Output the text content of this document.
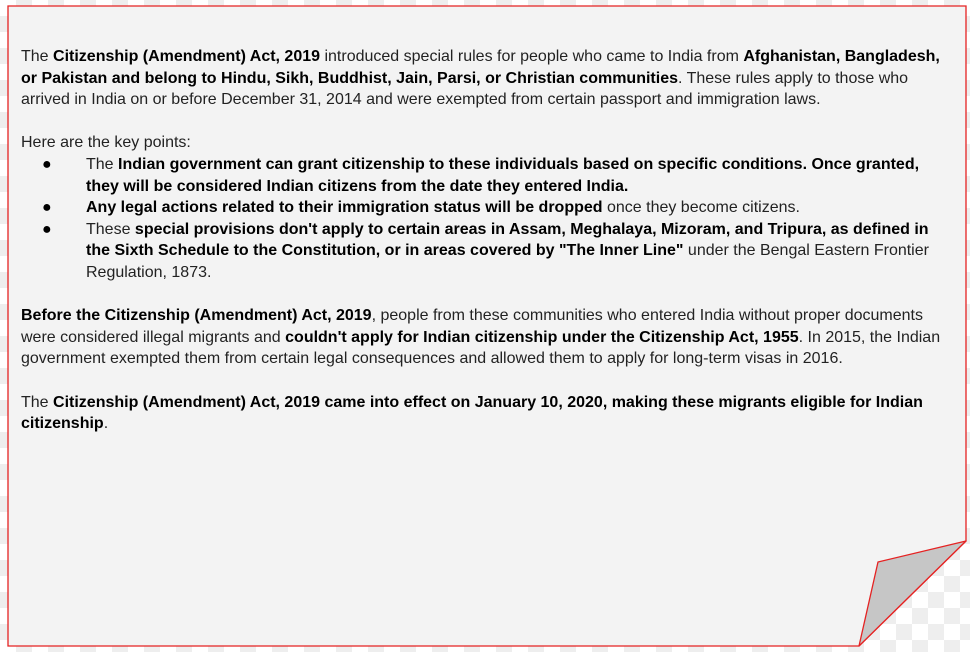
The Citizenship (Amendment) Act, 2019 introduced special rules for people who came to India from Afghanistan, Bangladesh, or Pakistan and belong to Hindu, Sikh, Buddhist, Jain, Parsi, or Christian communities. These rules apply to those who arrived in India on or before December 31, 2014 and were exempted from certain passport and immigration laws.

Here are the key points:

● The Indian government can grant citizenship to these individuals based on specific conditions. Once granted, they will be considered Indian citizens from the date they entered India.
● Any legal actions related to their immigration status will be dropped once they become citizens.
● These special provisions don't apply to certain areas in Assam, Meghalaya, Mizoram, and Tripura, as defined in the Sixth Schedule to the Constitution, or in areas covered by "The Inner Line" under the Bengal Eastern Frontier Regulation, 1873.

Before the Citizenship (Amendment) Act, 2019, people from these communities who entered India without proper documents were considered illegal migrants and couldn't apply for Indian citizenship under the Citizenship Act, 1955. In 2015, the Indian government exempted them from certain legal consequences and allowed them to apply for long-term visas in 2016.

The Citizenship (Amendment) Act, 2019 came into effect on January 10, 2020, making these migrants eligible for Indian citizenship.
